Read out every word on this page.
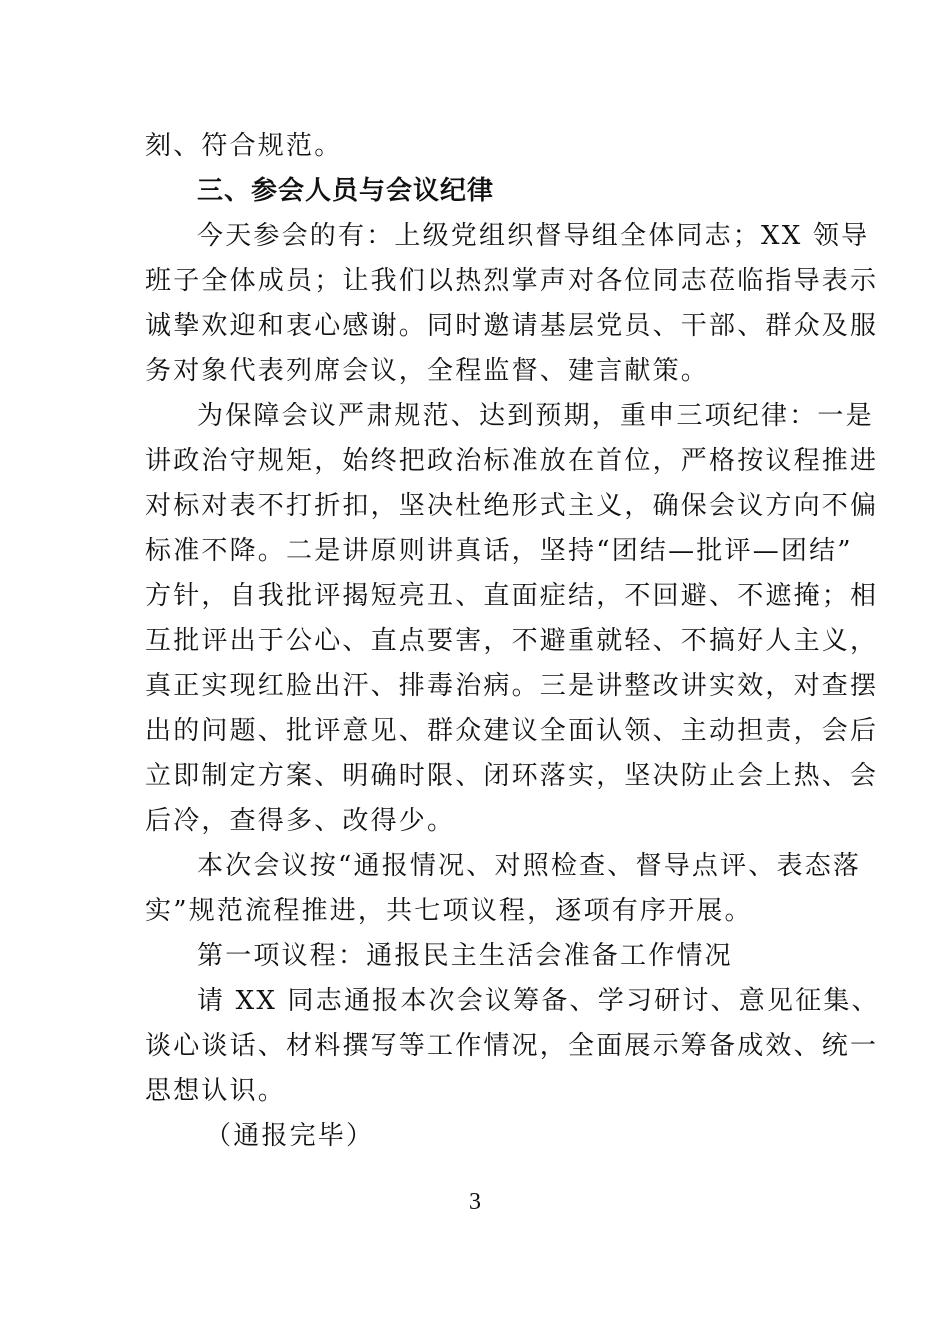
刻、符合规范。
三、参会人员与会议纪律
今天参会的有：上级党组织督导组全体同志；XX 领导
班子全体成员；让我们以热烈掌声对各位同志莅临指导表示
诚挚欢迎和衷心感谢。同时邀请基层党员、干部、群众及服
务对象代表列席会议，全程监督、建言献策。
为保障会议严肃规范、达到预期，重申三项纪律：一是
讲政治守规矩，始终把政治标准放在首位，严格按议程推进
对标对表不打折扣，坚决杜绝形式主义，确保会议方向不偏
标准不降。二是讲原则讲真话，坚持“团结—批评—团结”
方针，自我批评揭短亮丑、直面症结，不回避、不遮掩；相
互批评出于公心、直点要害，不避重就轻、不搞好人主义，
真正实现红脸出汗、排毒治病。三是讲整改讲实效，对查摆
出的问题、批评意见、群众建议全面认领、主动担责，会后
立即制定方案、明确时限、闭环落实，坚决防止会上热、会
后冷，查得多、改得少。
本次会议按“通报情况、对照检查、督导点评、表态落
实”规范流程推进，共七项议程，逐项有序开展。
第一项议程：通报民主生活会准备工作情况
请 XX 同志通报本次会议筹备、学习研讨、意见征集、
谈心谈话、材料撰写等工作情况，全面展示筹备成效、统一
思想认识。
（通报完毕）
3
